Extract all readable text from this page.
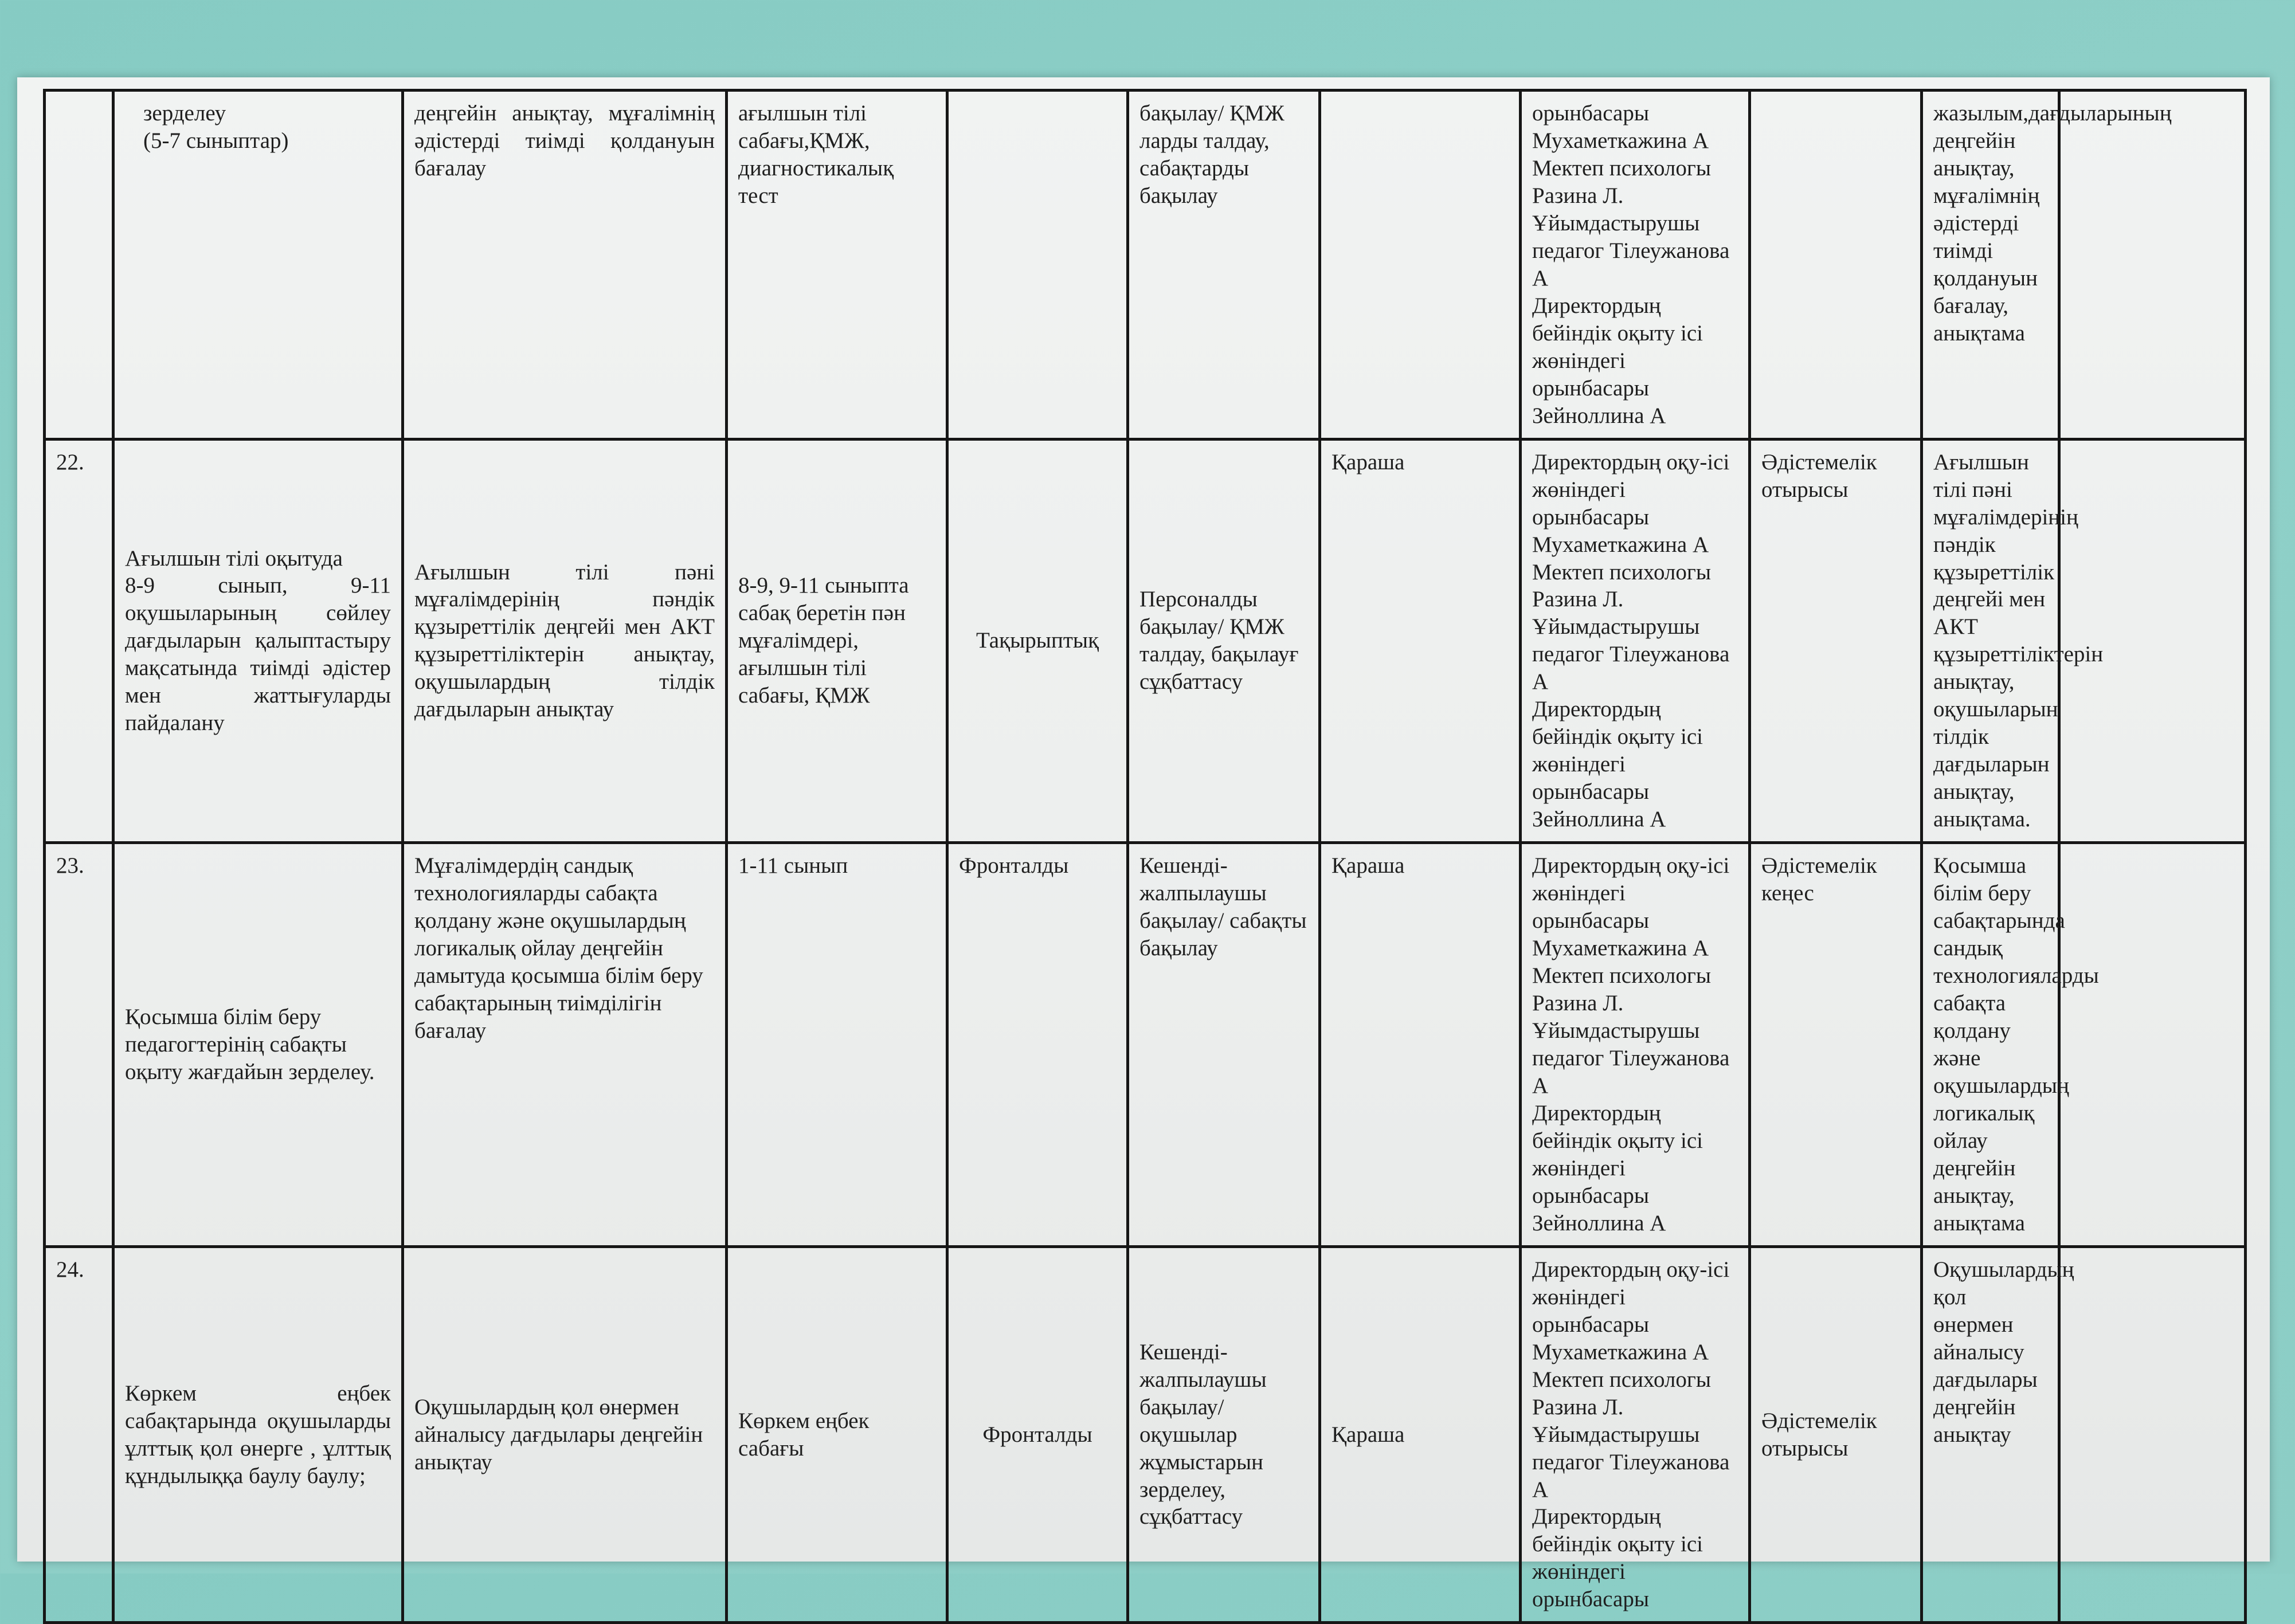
	зерделеу
(5-7 сыныптар)	деңгейін анықтау, мұғалімнің әдістерді тиімді қолдануын бағалау	ағылшын тілі сабағы,ҚМЖ, диагностикалық тест		бақылау/ ҚМЖ ларды талдау, сабақтарды бақылау		орынбасары
Мухаметкажина А
Мектеп психологы Разина Л.
Ұйымдастырушы педагог Тілеужанова А
Директордың бейіндік оқыту ісі жөніндегі орынбасары Зейноллина А		жазылым,дағдыларының деңгейін анықтау, мұғалімнің әдістерді тиімді қолдануын бағалау, анықтама	
22.	Ағылшын тілі оқытуда
8-9 сынып, 9-11 оқушыларының сөйлеу дағдыларын қалыптастыру мақсатында тиімді әдістер мен жаттығуларды пайдалану	Ағылшын тілі пәні мұғалімдерінің пәндік құзыреттілік деңгейі мен АКТ құзыреттіліктерін анықтау, оқушылардың тілдік дағдыларын анықтау	8-9, 9-11 сыныпта сабақ беретін пән мұғалімдері, ағылшын тілі сабағы, ҚМЖ	Тақырыптық	Персоналды бақылау/ ҚМЖ талдау, бақылауғ сұқбаттасу	Қараша	Директордың оқу-ісі жөніндегі орынбасары
Мухаметкажина А
Мектеп психологы Разина Л.
Ұйымдастырушы педагог Тілеужанова А
Директордың бейіндік оқыту ісі жөніндегі орынбасары Зейноллина А	Әдістемелік отырысы	Ағылшын тілі пәні мұғалімдерінің пәндік құзыреттілік деңгейі мен АКТ құзыреттіліктерін анықтау, оқушыларын тілдік дағдыларын анықтау, анықтама.	
23.	Қосымша білім беру педагогтерінің сабақты оқыту жағдайын зерделеу.	Мұғалімдердің сандық технологияларды сабақта қолдану және оқушылардың логикалық ойлау деңгейін дамытуда қосымша білім беру сабақтарының тиімділігін бағалау	1-11 сынып	Фронталды	Кешенді-жалпылаушы бақылау/ сабақты бақылау	Қараша	Директордың оқу-ісі жөніндегі орынбасары
Мухаметкажина А
Мектеп психологы Разина Л.
Ұйымдастырушы педагог Тілеужанова А
Директордың бейіндік оқыту ісі жөніндегі орынбасары Зейноллина А	Әдістемелік кеңес	Қосымша білім беру сабақтарында сандық технологияларды сабақта қолдану және оқушылардың логикалық ойлау деңгейін анықтау, анықтама	
24.	Көркем еңбек сабақтарында оқушыларды ұлттық қол өнерге , ұлттық құндылыққа баулу баулу;	Оқушылардың қол өнермен айналысу дағдылары деңгейін анықтау	Көркем еңбек сабағы	Фронталды	Кешенді-жалпылаушы бақылау/ оқушылар жұмыстарын зерделеу, сұқбаттасу	Қараша	Директордың оқу-ісі жөніндегі орынбасары
Мухаметкажина А
Мектеп психологы Разина Л.
Ұйымдастырушы педагог Тілеужанова А
Директордың бейіндік оқыту ісі жөніндегі орынбасары	Әдістемелік отырысы	Оқушылардың қол өнермен айналысу дағдылары деңгейін анықтау	
